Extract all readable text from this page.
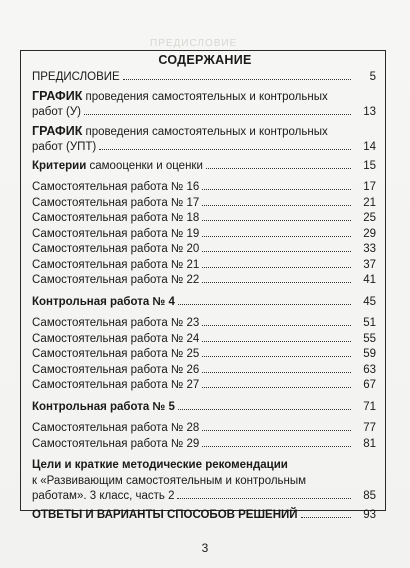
ПРЕДИСЛОВИЕ
СОДЕРЖАНИЕ
ПРЕДИСЛОВИЕ	5
ГРАФИК проведения самостоятельных и контрольных
работ (У)	13
ГРАФИК проведения самостоятельных и контрольных
работ (УПТ)	14
Критерии самооценки и оценки	15
Самостоятельная работа № 16	17
Самостоятельная работа № 17	21
Самостоятельная работа № 18	25
Самостоятельная работа № 19	29
Самостоятельная работа № 20	33
Самостоятельная работа № 21	37
Самостоятельная работа № 22	41
Контрольная работа № 4	45
Самостоятельная работа № 23	51
Самостоятельная работа № 24	55
Самостоятельная работа № 25	59
Самостоятельная работа № 26	63
Самостоятельная работа № 27	67
Контрольная работа № 5	71
Самостоятельная работа № 28	77
Самостоятельная работа № 29	81
Цели и краткие методические рекомендации
к «Развивающим самостоятельным и контрольным
работам». 3 класс, часть 2	85
ОТВЕТЫ И ВАРИАНТЫ СПОСОБОВ РЕШЕНИЙ	93
3
